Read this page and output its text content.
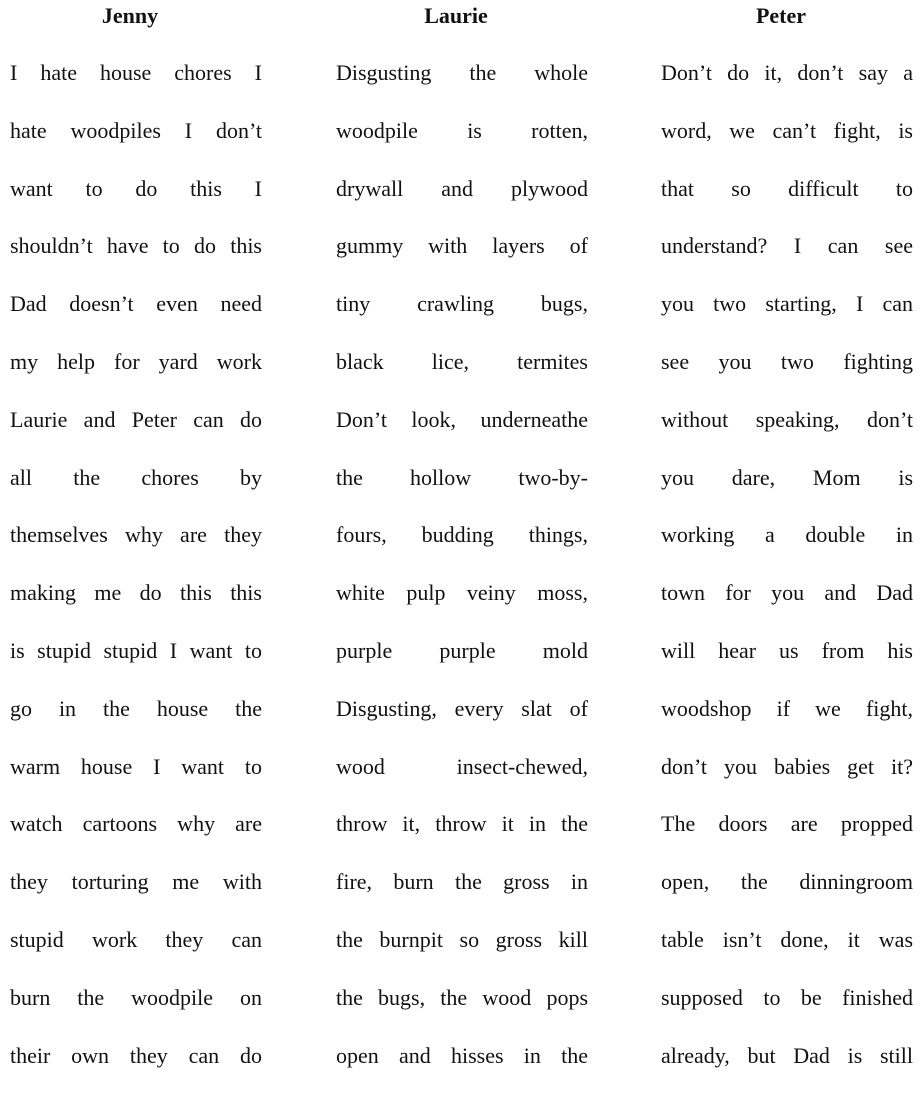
Jenny
I hate house chores I
hate woodpiles I don’t
want to do this I
shouldn’t have to do this
Dad doesn’t even need
my help for yard work
Laurie and Peter can do
all the chores by
themselves why are they
making me do this this
is stupid stupid I want to
go in the house the
warm house I want to
watch cartoons why are
they torturing me with
stupid work they can
burn the woodpile on
their own they can do
Laurie
Disgusting the whole
woodpile is rotten,
drywall and plywood
gummy with layers of
tiny crawling bugs,
black lice, termites
Don’t look, underneathe
the hollow two-by-
fours, budding things,
white pulp veiny moss,
purple purple mold
Disgusting, every slat of
wood insect-chewed,
throw it, throw it in the
fire, burn the gross in
the burnpit so gross kill
the bugs, the wood pops
open and hisses in the
Peter
Don’t do it, don’t say a
word, we can’t fight, is
that so difficult to
understand? I can see
you two starting, I can
see you two fighting
without speaking, don’t
you dare, Mom is
working a double in
town for you and Dad
will hear us from his
woodshop if we fight,
don’t you babies get it?
The doors are propped
open, the dinningroom
table isn’t done, it was
supposed to be finished
already, but Dad is still
